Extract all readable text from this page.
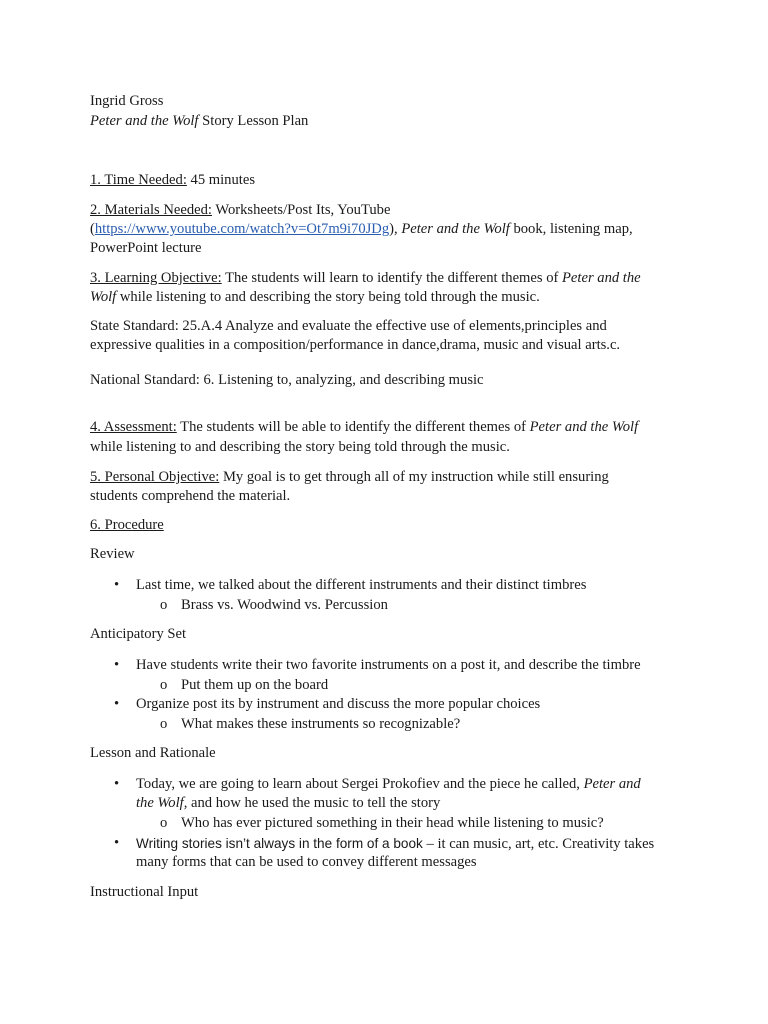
Ingrid Gross
Peter and the Wolf Story Lesson Plan
1. Time Needed: 45 minutes
2. Materials Needed: Worksheets/Post Its, YouTube
(https://www.youtube.com/watch?v=Ot7m9i70JDg), Peter and the Wolf book, listening map,
PowerPoint lecture
3. Learning Objective: The students will learn to identify the different themes of Peter and the
Wolf while listening to and describing the story being told through the music.
State Standard: 25.A.4 Analyze and evaluate the effective use of elements,principles and
expressive qualities in a composition/performance in dance,drama, music and visual arts.c.
National Standard: 6. Listening to, analyzing, and describing music
4. Assessment: The students will be able to identify the different themes of Peter and the Wolf
while listening to and describing the story being told through the music.
5. Personal Objective: My goal is to get through all of my instruction while still ensuring
students comprehend the material.
6. Procedure
Review
• Last time, we talked about the different instruments and their distinct timbres
o Brass vs. Woodwind vs. Percussion
Anticipatory Set
• Have students write their two favorite instruments on a post it, and describe the timbre
o Put them up on the board
• Organize post its by instrument and discuss the more popular choices
o What makes these instruments so recognizable?
Lesson and Rationale
• Today, we are going to learn about Sergei Prokofiev and the piece he called, Peter and
the Wolf, and how he used the music to tell the story
o Who has ever pictured something in their head while listening to music?
• Writing stories isn’t always in the form of a book – it can music, art, etc. Creativity takes
many forms that can be used to convey different messages
Instructional Input
